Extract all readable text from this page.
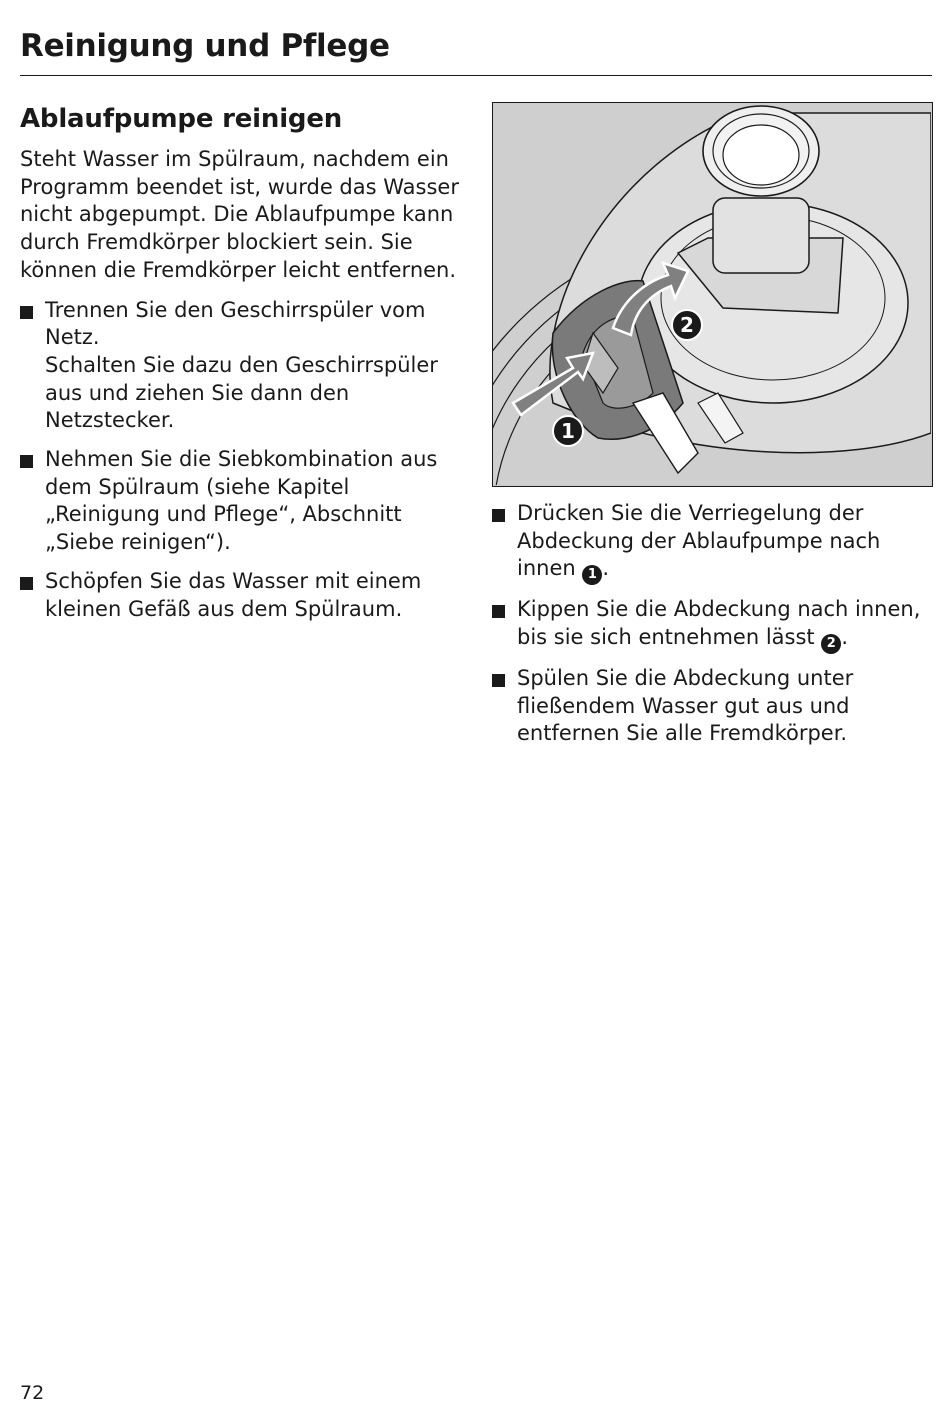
Reinigung und Pflege
Ablaufpumpe reinigen

Steht Wasser im Spülraum, nachdem ein Programm beendet ist, wurde das Wasser nicht abgepumpt. Die Ablaufpumpe kann durch Fremdkörper blockiert sein. Sie können die Fremdkörper leicht entfernen.

Trennen Sie den Geschirrspüler vom Netz.

Schalten Sie dazu den Geschirrspüler aus und ziehen Sie dann den Netzstecker.

Nehmen Sie die Siebkombination aus dem Spülraum (siehe Kapitel „Reinigung und Pflege“, Abschnitt „Siebe reinigen“).

Schöpfen Sie das Wasser mit einem kleinen Gefäß aus dem Spülraum.

1
2
Drücken Sie die Verriegelung der Abdeckung der Ablaufpumpe nach innen 1 .
Kippen Sie die Abdeckung nach innen, bis sie sich entnehmen lässt 2 .
Spülen Sie die Abdeckung unter fließendem Wasser gut aus und entfernen Sie alle Fremdkörper.
72
